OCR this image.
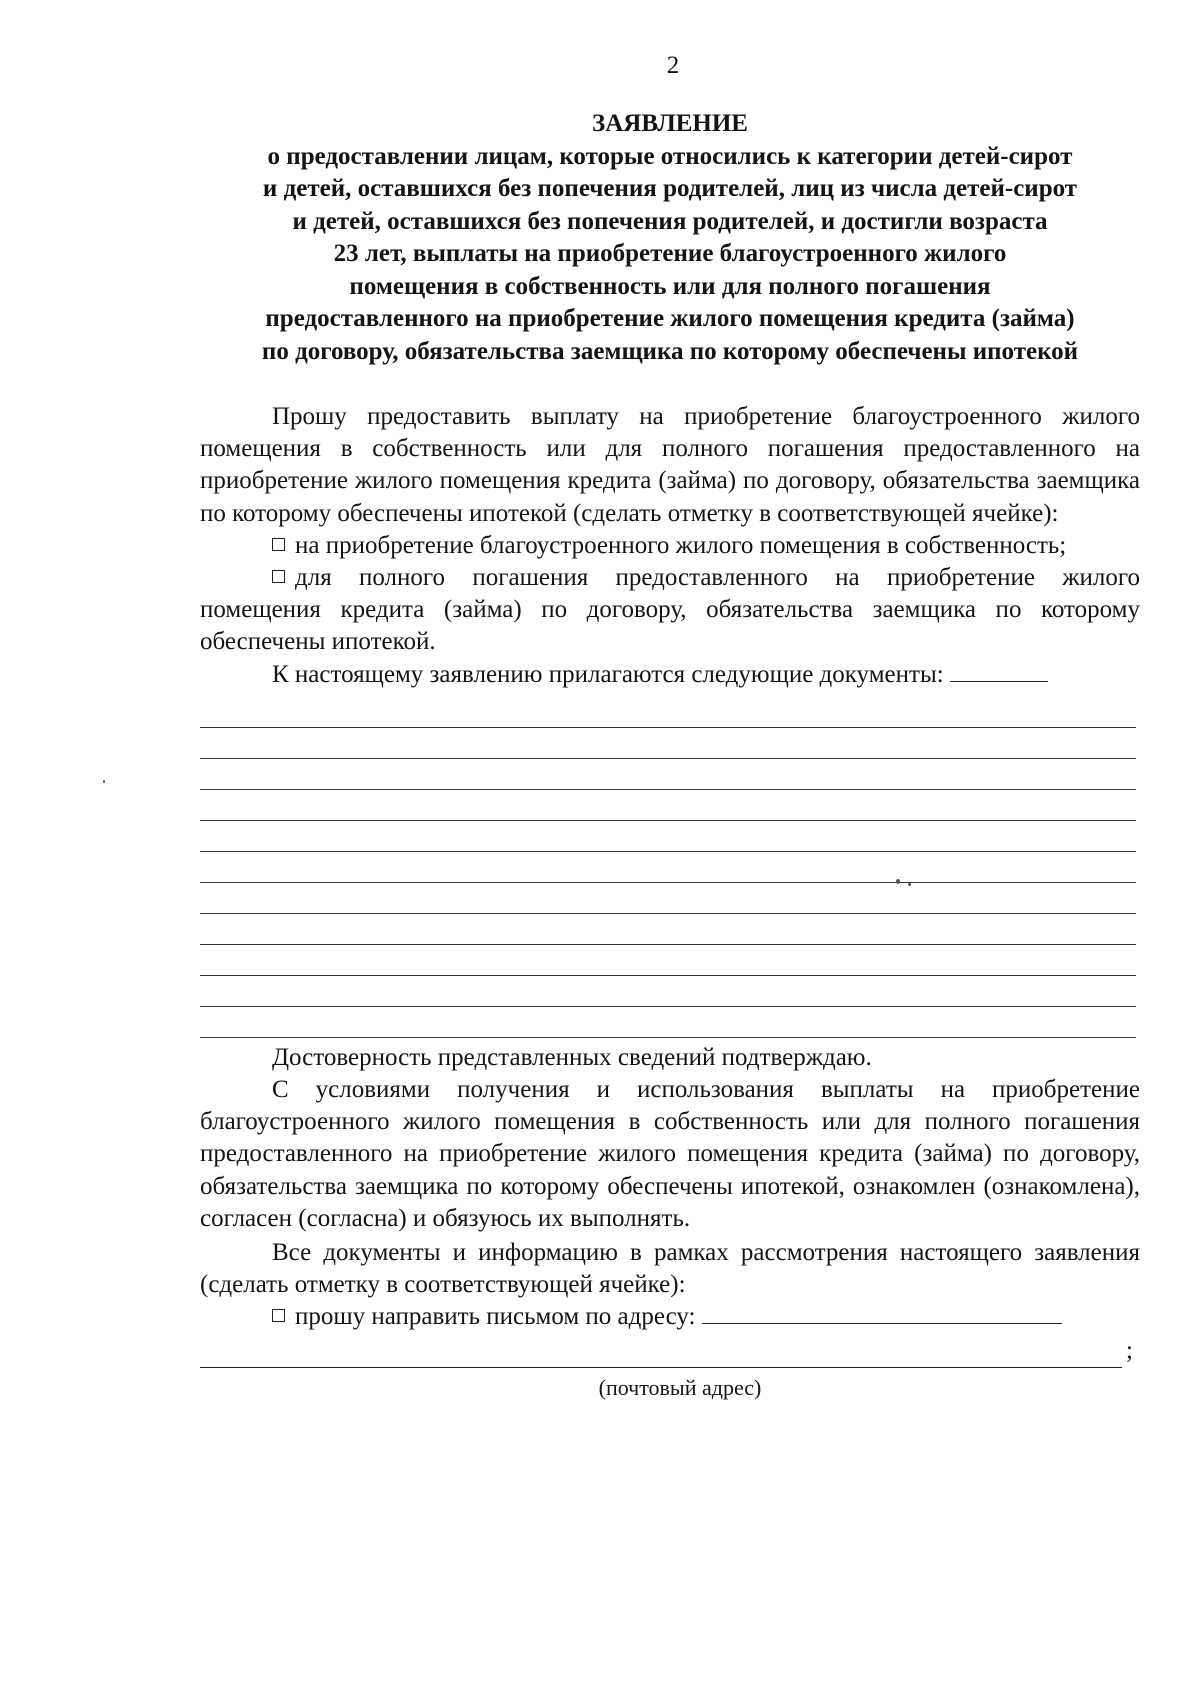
2
ЗАЯВЛЕНИЕ
о предоставлении лицам, которые относились к категории детей-сирот
и детей, оставшихся без попечения родителей, лиц из числа детей-сирот
и детей, оставшихся без попечения родителей, и достигли возраста
23 лет, выплаты на приобретение благоустроенного жилого
помещения в собственность или для полного погашения
предоставленного на приобретение жилого помещения кредита (займа)
по договору, обязательства заемщика по которому обеспечены ипотекой

Прошу предоставить выплату на приобретение благоустроенного жилого помещения в собственность или для полного погашения предоставленного на приобретение жилого помещения кредита (займа) по договору, обязательства заемщика по которому обеспечены ипотекой (сделать отметку в соответствующей ячейке):

на приобретение благоустроенного жилого помещения в собственность;

для полного погашения предоставленного на приобретение жилого помещения кредита (займа) по договору, обязательства заемщика по которому обеспечены ипотекой.

К настоящему заявлению прилагаются следующие документы:

Достоверность представленных сведений подтверждаю.

С условиями получения и использования выплаты на приобретение благоустроенного жилого помещения в собственность или для полного погашения предоставленного на приобретение жилого помещения кредита (займа) по договору, обязательства заемщика по которому обеспечены ипотекой, ознакомлен (ознакомлена), согласен (согласна) и обязуюсь их выполнять.

Все документы и информацию в рамках рассмотрения настоящего заявления (сделать отметку в соответствующей ячейке):

прошу направить письмом по адресу:

;
(почтовый адрес)
